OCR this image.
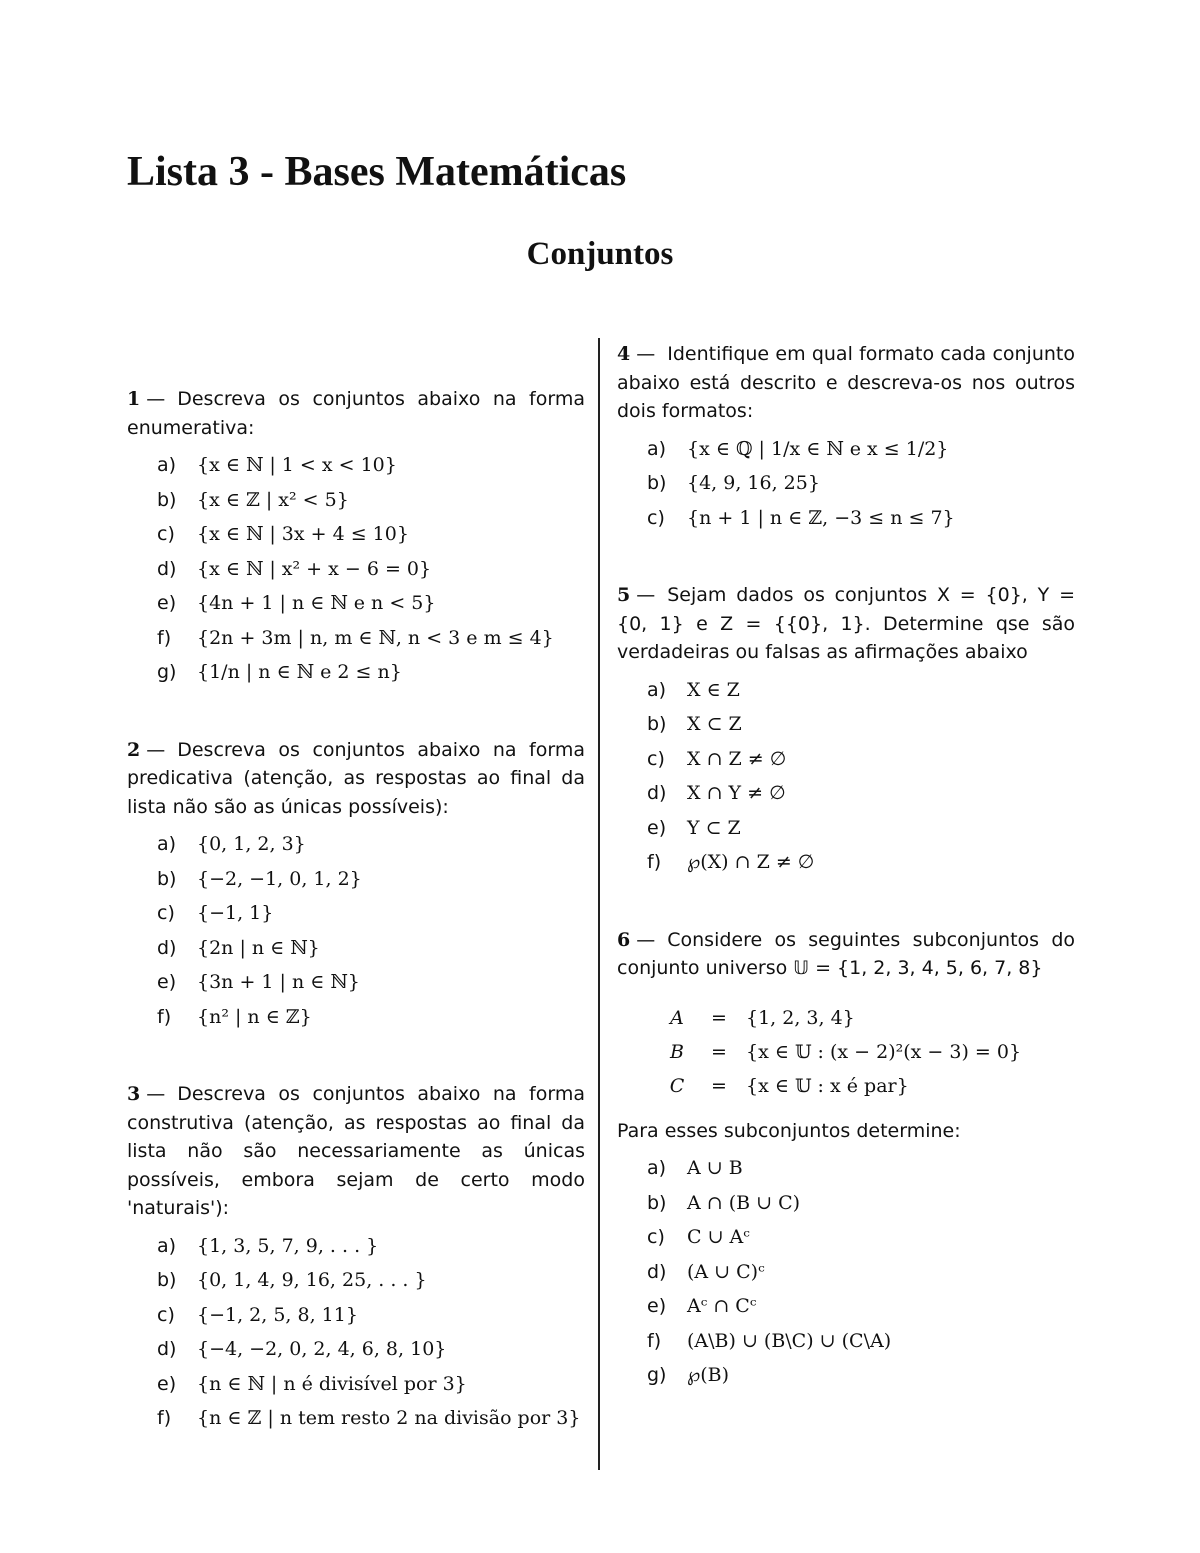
Lista 3 - Bases Matemáticas
Conjuntos

1 — Descreva os conjuntos abaixo na forma enumerativa:

a)	{x ∈ ℕ | 1 < x < 10}
b)	{x ∈ ℤ | x² < 5}
c)	{x ∈ ℕ | 3x + 4 ≤ 10}
d)	{x ∈ ℕ | x² + x − 6 = 0}
e)	{4n + 1 | n ∈ ℕ e n < 5}
f)	{2n + 3m | n, m ∈ ℕ, n < 3 e m ≤ 4}
g)	{1/n | n ∈ ℕ e 2 ≤ n}

2 — Descreva os conjuntos abaixo na forma predicativa (atenção, as respostas ao final da lista não são as únicas possíveis):

a)	{0, 1, 2, 3}
b)	{−2, −1, 0, 1, 2}
c)	{−1, 1}
d)	{2n | n ∈ ℕ}
e)	{3n + 1 | n ∈ ℕ}
f)	{n² | n ∈ ℤ}

3 — Descreva os conjuntos abaixo na forma construtiva (atenção, as respostas ao final da lista não são necessariamente as únicas possíveis, embora sejam de certo modo 'naturais'):

a)	{1, 3, 5, 7, 9, . . . }
b)	{0, 1, 4, 9, 16, 25, . . . }
c)	{−1, 2, 5, 8, 11}
d)	{−4, −2, 0, 2, 4, 6, 8, 10}
e)	{n ∈ ℕ | n é divisível por 3}
f)	{n ∈ ℤ | n tem resto 2 na divisão por 3}

4 — Identifique em qual formato cada conjunto abaixo está descrito e descreva-os nos outros dois formatos:

a)	{x ∈ ℚ | 1/x ∈ ℕ e x ≤ 1/2}
b)	{4, 9, 16, 25}
c)	{n + 1 | n ∈ ℤ, −3 ≤ n ≤ 7}

5 — Sejam dados os conjuntos X = {0}, Y = {0, 1} e Z = {{0}, 1}. Determine qse são verdadeiras ou falsas as afirmações abaixo

a)	X ∈ Z
b)	X ⊂ Z
c)	X ∩ Z ≠ ∅
d)	X ∩ Y ≠ ∅
e)	Y ⊂ Z
f)	℘(X) ∩ Z ≠ ∅

6 — Considere os seguintes subconjuntos do conjunto universo 𝕌 = {1, 2, 3, 4, 5, 6, 7, 8}

A	=	{1, 2, 3, 4}
B	=	{x ∈ 𝕌 : (x − 2)²(x − 3) = 0}
C	=	{x ∈ 𝕌 : x é par}

Para esses subconjuntos determine:

a)	A ∪ B
b)	A ∩ (B ∪ C)
c)	C ∪ Aᶜ
d)	(A ∪ C)ᶜ
e)	Aᶜ ∩ Cᶜ
f)	(A\B) ∪ (B\C) ∪ (C\A)
g)	℘(B)
